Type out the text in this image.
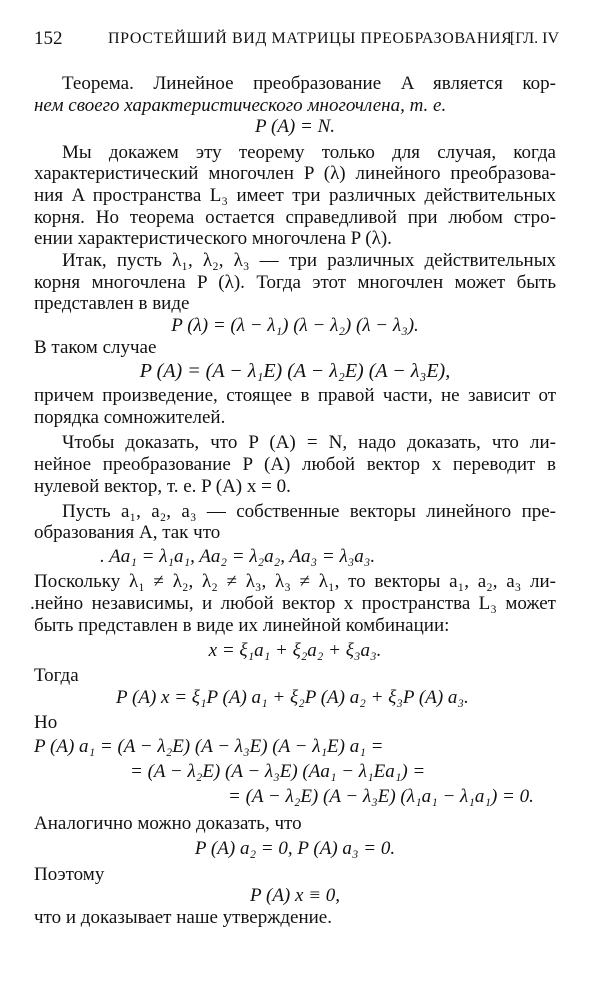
152	ПРОСТЕЙШИЙ ВИД МАТРИЦЫ ПРЕОБРАЗОВАНИЯ
[ГЛ. IV
Теорема. Линейное преобразование A является кор-
нем своего характеристического многочлена, т. е.
P (A) = N.
Мы докажем эту теорему только для случая, когда
характеристический многочлен P (λ) линейного преобразова-
ния A пространства L₃ имеет три различных действительных
корня. Но теорема остается справедливой при любом стро-
ении характеристического многочлена P (λ).
Итак, пусть λ₁, λ₂, λ₃ — три различных действительных
корня многочлена P (λ). Тогда этот многочлен может быть
представлен в виде
P (λ) = (λ − λ₁) (λ − λ₂) (λ − λ₃).
В таком случае
P (A) = (A − λ₁E) (A − λ₂E) (A − λ₃E),
причем произведение, стоящее в правой части, не зависит от
порядка сомножителей.
Чтобы доказать, что P (A) = N, надо доказать, что ли-
нейное преобразование P (A) любой вектор x переводит в
нулевой вектор, т. е. P (A) x = 0.
Пусть a₁, a₂, a₃ — собственные векторы линейного пре-
образования A, так что
. Aa₁ = λ₁a₁, Aa₂ = λ₂a₂, Aa₃ = λ₃a₃.
Поскольку λ₁ ≠ λ₂, λ₂ ≠ λ₃, λ₃ ≠ λ₁, то векторы a₁, a₂, a₃ ли-
.нейно независимы, и любой вектор x пространства L₃ может
быть представлен в виде их линейной комбинации:
x = ξ₁a₁ + ξ₂a₂ + ξ₃a₃.
Тогда
P (A) x = ξ₁P (A) a₁ + ξ₂P (A) a₂ + ξ₃P (A) a₃.
Но
P (A) a₁ = (A − λ₂E) (A − λ₃E) (A − λ₁E) a₁ =
= (A − λ₂E) (A − λ₃E) (Aa₁ − λ₁Ea₁) =
= (A − λ₂E) (A − λ₃E) (λ₁a₁ − λ₁a₁) = 0.
Аналогично можно доказать, что
P (A) a₂ = 0, P (A) a₃ = 0.
Поэтому
P (A) x ≡ 0,
что и доказывает наше утверждение.
